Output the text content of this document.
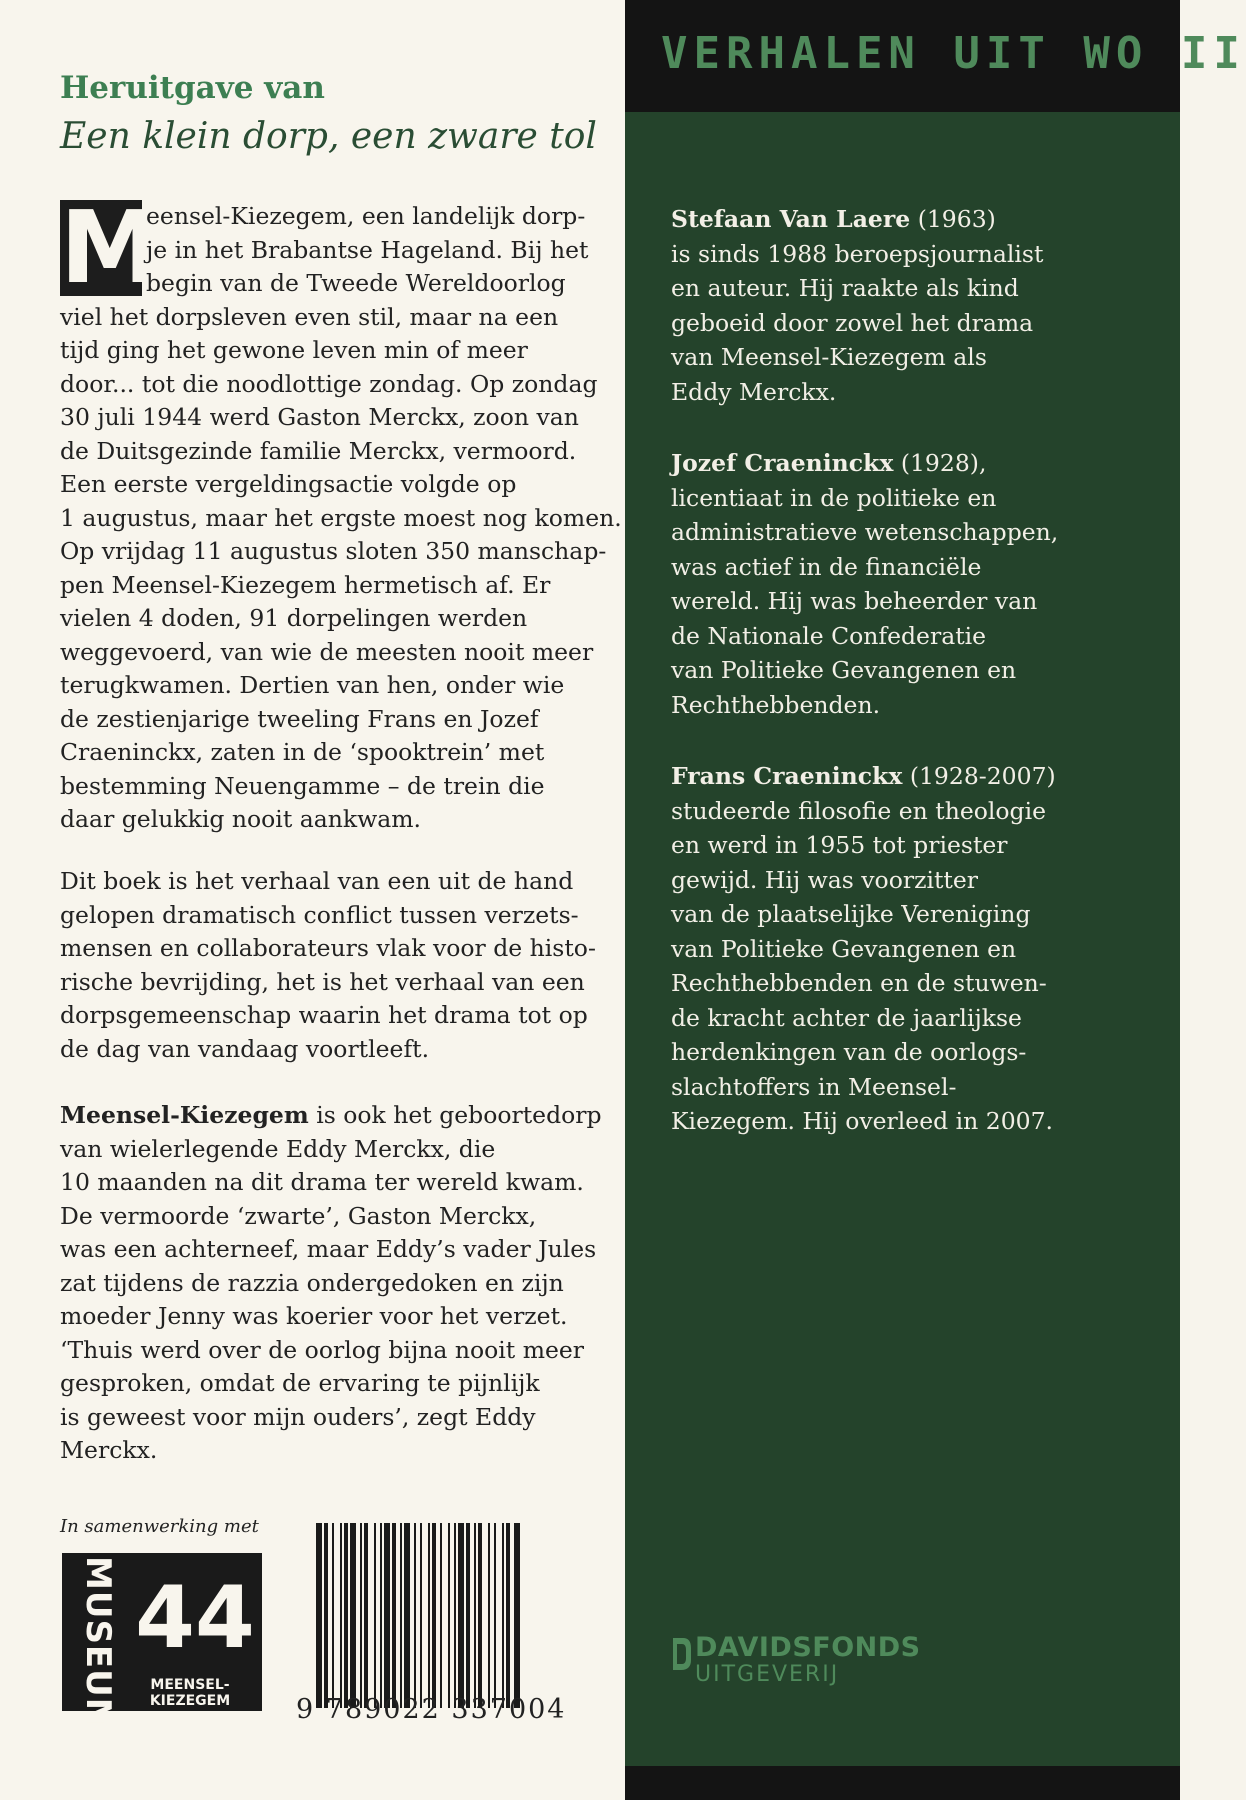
Heruitgave van
Een klein dorp, een zware tol
M

eensel-Kiezegem, een landelijk dorp-
je in het Brabantse Hageland. Bij het
begin van de Tweede Wereldoorlog
viel het dorpsleven even stil, maar na een
tijd ging het gewone leven min of meer
door... tot die noodlottige zondag. Op zondag
30 juli 1944 werd Gaston Merckx, zoon van
de Duitsgezinde familie Merckx, vermoord.
Een eerste vergeldingsactie volgde op
1 augustus, maar het ergste moest nog komen.
Op vrijdag 11 augustus sloten 350 manschap-
pen Meensel-Kiezegem hermetisch af. Er
vielen 4 doden, 91 dorpelingen werden
weggevoerd, van wie de meesten nooit meer
terugkwamen. Dertien van hen, onder wie
de zestienjarige tweeling Frans en Jozef
Craeninckx, zaten in de ‘spooktrein’ met
bestemming Neuengamme – de trein die
daar gelukkig nooit aankwam.

Dit boek is het verhaal van een uit de hand
gelopen dramatisch conflict tussen verzets-
mensen en collaborateurs vlak voor de histo-
rische bevrijding, het is het verhaal van een
dorpsgemeenschap waarin het drama tot op
de dag van vandaag voortleeft.

Meensel-Kiezegem is ook het geboortedorp
van wielerlegende Eddy Merckx, die
10 maanden na dit drama ter wereld kwam.
De vermoorde ‘zwarte’, Gaston Merckx,
was een achterneef, maar Eddy’s vader Jules
zat tijdens de razzia ondergedoken en zijn
moeder Jenny was koerier voor het verzet.
‘Thuis werd over de oorlog bijna nooit meer
gesproken, omdat de ervaring te pijnlijk
is geweest voor mijn ouders’, zegt Eddy
Merckx.

In samenwerking met
MUSEUM 44
MEENSEL-KIEZEGEM	9 789022 337004
VERHALEN UIT WO II
Stefaan Van Laere (1963)
is sinds 1988 beroepsjournalist
en auteur. Hij raakte als kind
geboeid door zowel het drama
van Meensel-Kiezegem als
Eddy Merckx.
Jozef Craeninckx (1928),
licentiaat in de politieke en
administratieve wetenschappen,
was actief in de financiële
wereld. Hij was beheerder van
de Nationale Confederatie
van Politieke Gevangenen en
Rechthebbenden.
Frans Craeninckx (1928-2007)
studeerde filosofie en theologie
en werd in 1955 tot priester
gewijd. Hij was voorzitter
van de plaatselijke Vereniging
van Politieke Gevangenen en
Rechthebbenden en de stuwen-
de kracht achter de jaarlijkse
herdenkingen van de oorlogs-
slachtoffers in Meensel-
Kiezegem. Hij overleed in 2007.
DAVIDSFONDS
UITGEVERIJ
